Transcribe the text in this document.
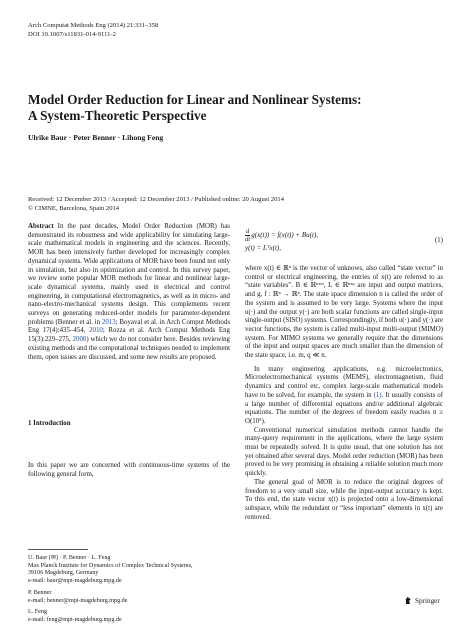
Arch Computat Methods Eng (2014) 21:331–358
DOI 10.1007/s11831-014-9111-2
Model Order Reduction for Linear and Nonlinear Systems:
A System-Theoretic Perspective
Ulrike Baur · Peter Benner · Lihong Feng
Received: 12 December 2013 / Accepted: 12 December 2013 / Published online: 20 August 2014
© CIMNE, Barcelona, Spain 2014

Abstract In the past decades, Model Order Reduction (MOR) has demonstrated its robustness and wide applicability for simulating large-scale mathematical models in engineering and the sciences. Recently, MOR has been intensively further developed for increasingly complex dynamical systems. Wide applications of MOR have been found not only in simulation, but also in optimization and control. In this survey paper, we review some popular MOR methods for linear and nonlinear large-scale dynamical systems, mainly used in electrical and control engineering, in computational electromagnetics, as well as in micro- and nano-electro-mechanical systems design. This complements recent surveys on generating reduced-order models for parameter-dependent problems (Benner et al. in 2013; Boyaval et al. in Arch Comput Methods Eng 17(4):435–454, 2010; Rozza et al. Arch Comput Methods Eng 15(3):229–275, 2008) which we do not consider here. Besides reviewing existing methods and the computational techniques needed to implement them, open issues are discussed, and some new results are proposed.

1 Introduction
In this paper we are concerned with continuous-time systems of the following general form,
U. Baur (✉) · P. Benner · L. Feng
Max Planck Institute for Dynamics of Complex Technical Systems,
39106 Magdeburg, Germany
e-mail: baur@mpi-magdeburg.mpg.de
P. Benner
e-mail: benner@mpi-magdeburg.mpg.de
L. Feng
e-mail: feng@mpi-magdeburg.mpg.de
$\frac{d}{dt} g(x(t)) = f(x(t)) + Bu(t)$,
y(t) = Lᵀx(t),
(1)

where x(t) ∈ ℝⁿ is the vector of unknows, also called “state vector” in control or electrical engineering, the entries of x(t) are referred to as “state variables”. B ∈ ℝⁿˣᵐ, L ∈ ℝⁿˣᵠ are input and output matrices, and g, f : ℝⁿ → ℝⁿ. The state space dimension n is called the order of the system and is assumed to be very large. Systems where the input u(·) and the output y(·) are both scalar functions are called single-input single-output (SISO) systems. Correspondingly, if both u(·) and y(·) are vector functions, the system is called multi-input multi-output (MIMO) system. For MIMO systems we generally require that the dimensions of the input and output spaces are much smaller than the dimension of the state space, i.e. m, q ≪ n.

In many engineering applications, e.g. microelectronics, Microelectromechanical systems (MEMS), electromagnetism, fluid dynamics and control etc, complex large-scale mathematical models have to be solved, for example, the system in (1). It usually consists of a large number of differential equations and/or additional algebraic equations. The number of the degrees of freedom easily reaches n ≥ O(10⁵).

Conventional numerical simulation methods cannot handle the many-query requirement in the applications, where the large system must be repeatedly solved. It is quite usual, that one solution has not yet obtained after several days. Model order reduction (MOR) has been proved to be very promising in obtaining a reliable solution much more quickly.

The general goal of MOR is to reduce the original degrees of freedom to a very small size, while the input-output accuracy is kept. To this end, the state vector x(t) is projected onto a low-dimensional subspace, while the redundant or “less important” elements in x(t) are removed.

Springer
